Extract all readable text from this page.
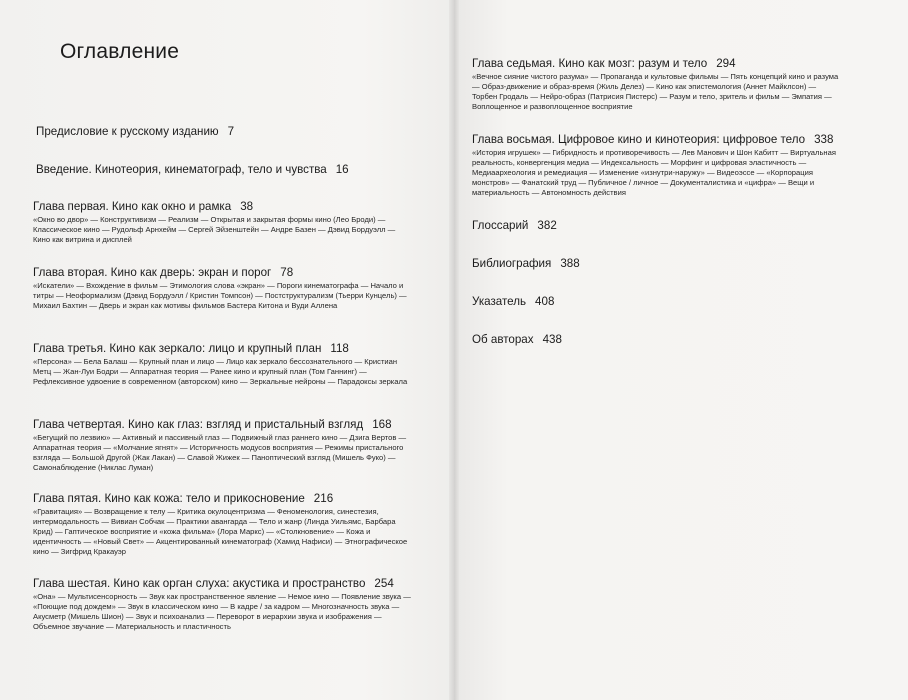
Оглавление
Предисловие к русскому изданию 7
Введение. Кинотеория, кинематограф, тело и чувства 16
Глава первая. Кино как окно и рамка 38
«Окно во двор» — Конструктивизм — Реализм — Открытая и закрытая формы кино (Лео Броди) — Классическое кино — Рудольф Арнхейм — Сергей Эйзенштейн — Андре Базен — Дэвид Бордуэлл — Кино как витрина и дисплей
Глава вторая. Кино как дверь: экран и порог 78
«Искатели» — Вхождение в фильм — Этимология слова «экран» — Пороги кинематографа — Начало и титры — Неоформализм (Дэвид Бордуэлл / Кристин Томпсон) — Постструктурализм (Тьерри Кунцель) — Михаил Бахтин — Дверь и экран как мотивы фильмов Бастера Китона и Вуди Аллена
Глава третья. Кино как зеркало: лицо и крупный план 118
«Персона» — Бела Балаш — Крупный план и лицо — Лицо как зеркало бессознательного — Кристиан Метц — Жан-Луи Бодри — Аппаратная теория — Ранее кино и крупный план (Том Ганнинг) — Рефлексивное удвоение в современном (авторском) кино — Зеркальные нейроны — Парадоксы зеркала
Глава четвертая. Кино как глаз: взгляд и пристальный взгляд 168
«Бегущий по лезвию» — Активный и пассивный глаз — Подвижный глаз раннего кино — Дзига Вертов — Аппаратная теория — «Молчание ягнят» — Историчность модусов восприятия — Режимы пристального взгляда — Большой Другой (Жак Лакан) — Славой Жижек — Паноптический взгляд (Мишель Фуко) — Самонаблюдение (Никлас Луман)
Глава пятая. Кино как кожа: тело и прикосновение 216
«Гравитация» — Возвращение к телу — Критика окулоцентризма — Феноменология, синестезия, интермодальность — Вивиан Собчак — Практики авангарда — Тело и жанр (Линда Уильямс, Барбара Крид) — Гаптическое восприятие и «кожа фильма» (Лора Маркс) — «Столкновение» — Кожа и идентичность — «Новый Свет» — Акцентированный кинематограф (Хамид Нафиси) — Этнографическое кино — Зигфрид Кракауэр
Глава шестая. Кино как орган слуха: акустика и пространство 254
«Она» — Мультисенсорность — Звук как пространственное явление — Немое кино — Появление звука — «Поющие под дождем» — Звук в классическом кино — В кадре / за кадром — Многозначность звука — Акусметр (Мишель Шион) — Звук и психоанализ — Переворот в иерархии звука и изображения — Объемное звучание — Материальность и пластичность
Глава седьмая. Кино как мозг: разум и тело 294
«Вечное сияние чистого разума» — Пропаганда и культовые фильмы — Пять концепций кино и разума — Образ-движение и образ-время (Жиль Делез) — Кино как эпистемология (Аннет Майклсон) — Торбен Гродаль — Нейро-образ (Патрисия Пистерс) — Разум и тело, зритель и фильм — Эмпатия — Воплощенное и развоплощенное восприятие
Глава восьмая. Цифровое кино и кинотеория: цифровое тело 338
«История игрушек» — Гибридность и противоречивость — Лев Манович и Шон Кабитт — Виртуальная реальность, конвергенция медиа — Индексальность — Морфинг и цифровая эластичность — Медиаархеология и ремедиация — Изменение «изнутри-наружу» — Видеоэссе — «Корпорация монстров» — Фанатский труд — Публичное / личное — Документалистика и «цифра» — Вещи и материальность — Автономность действия
Глоссарий 382
Библиография 388
Указатель 408
Об авторах 438
